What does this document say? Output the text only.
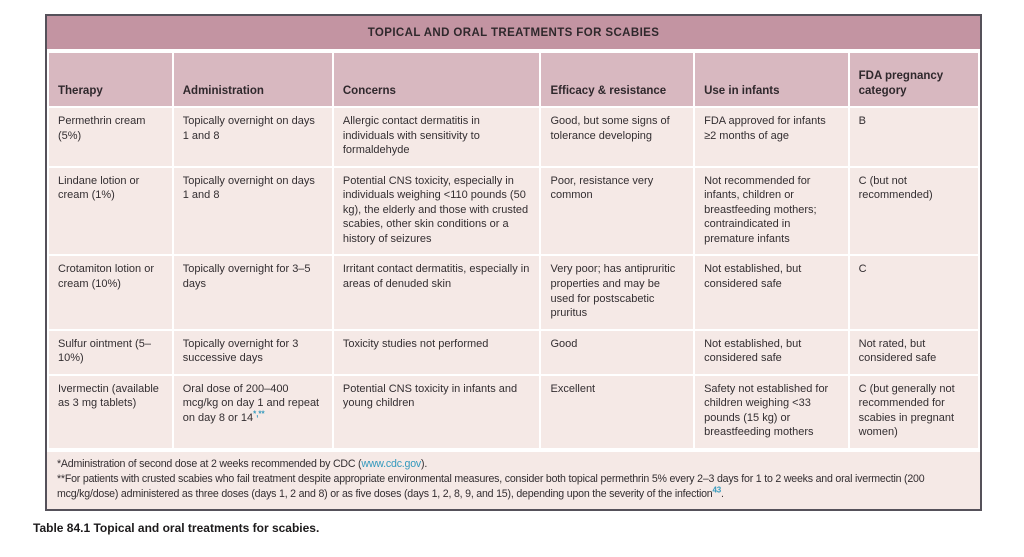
TOPICAL AND ORAL TREATMENTS FOR SCABIES
Therapy	Administration	Concerns	Efficacy & resistance	Use in infants	FDA pregnancy category
Permethrin cream (5%)	Topically overnight on days 1 and 8	Allergic contact dermatitis in individuals with sensitivity to formaldehyde	Good, but some signs of tolerance developing	FDA approved for infants ≥2 months of age	B
Lindane lotion or cream (1%)	Topically overnight on days 1 and 8	Potential CNS toxicity, especially in individuals weighing <110 pounds (50 kg), the elderly and those with crusted scabies, other skin conditions or a history of seizures	Poor, resistance very common	Not recommended for infants, children or breastfeeding mothers; contraindicated in premature infants	C (but not recommended)
Crotamiton lotion or cream (10%)	Topically overnight for 3–5 days	Irritant contact dermatitis, especially in areas of denuded skin	Very poor; has antipruritic properties and may be used for postscabetic pruritus	Not established, but considered safe	C
Sulfur ointment (5–10%)	Topically overnight for 3 successive days	Toxicity studies not performed	Good	Not established, but considered safe	Not rated, but considered safe
Ivermectin (available as 3 mg tablets)	Oral dose of 200–400 mcg/kg on day 1 and repeat on day 8 or 14*,**	Potential CNS toxicity in infants and young children	Excellent	Safety not established for children weighing <33 pounds (15 kg) or breastfeeding mothers	C (but generally not recommended for scabies in pregnant women)

*Administration of second dose at 2 weeks recommended by CDC (www.cdc.gov).

**For patients with crusted scabies who fail treatment despite appropriate environmental measures, consider both topical permethrin 5% every 2–3 days for 1 to 2 weeks and oral ivermectin (200 mcg/kg/dose) administered as three doses (days 1, 2 and 8) or as five doses (days 1, 2, 8, 9, and 15), depending upon the severity of the infection$^{43}$.

Table 84.1 Topical and oral treatments for scabies.
